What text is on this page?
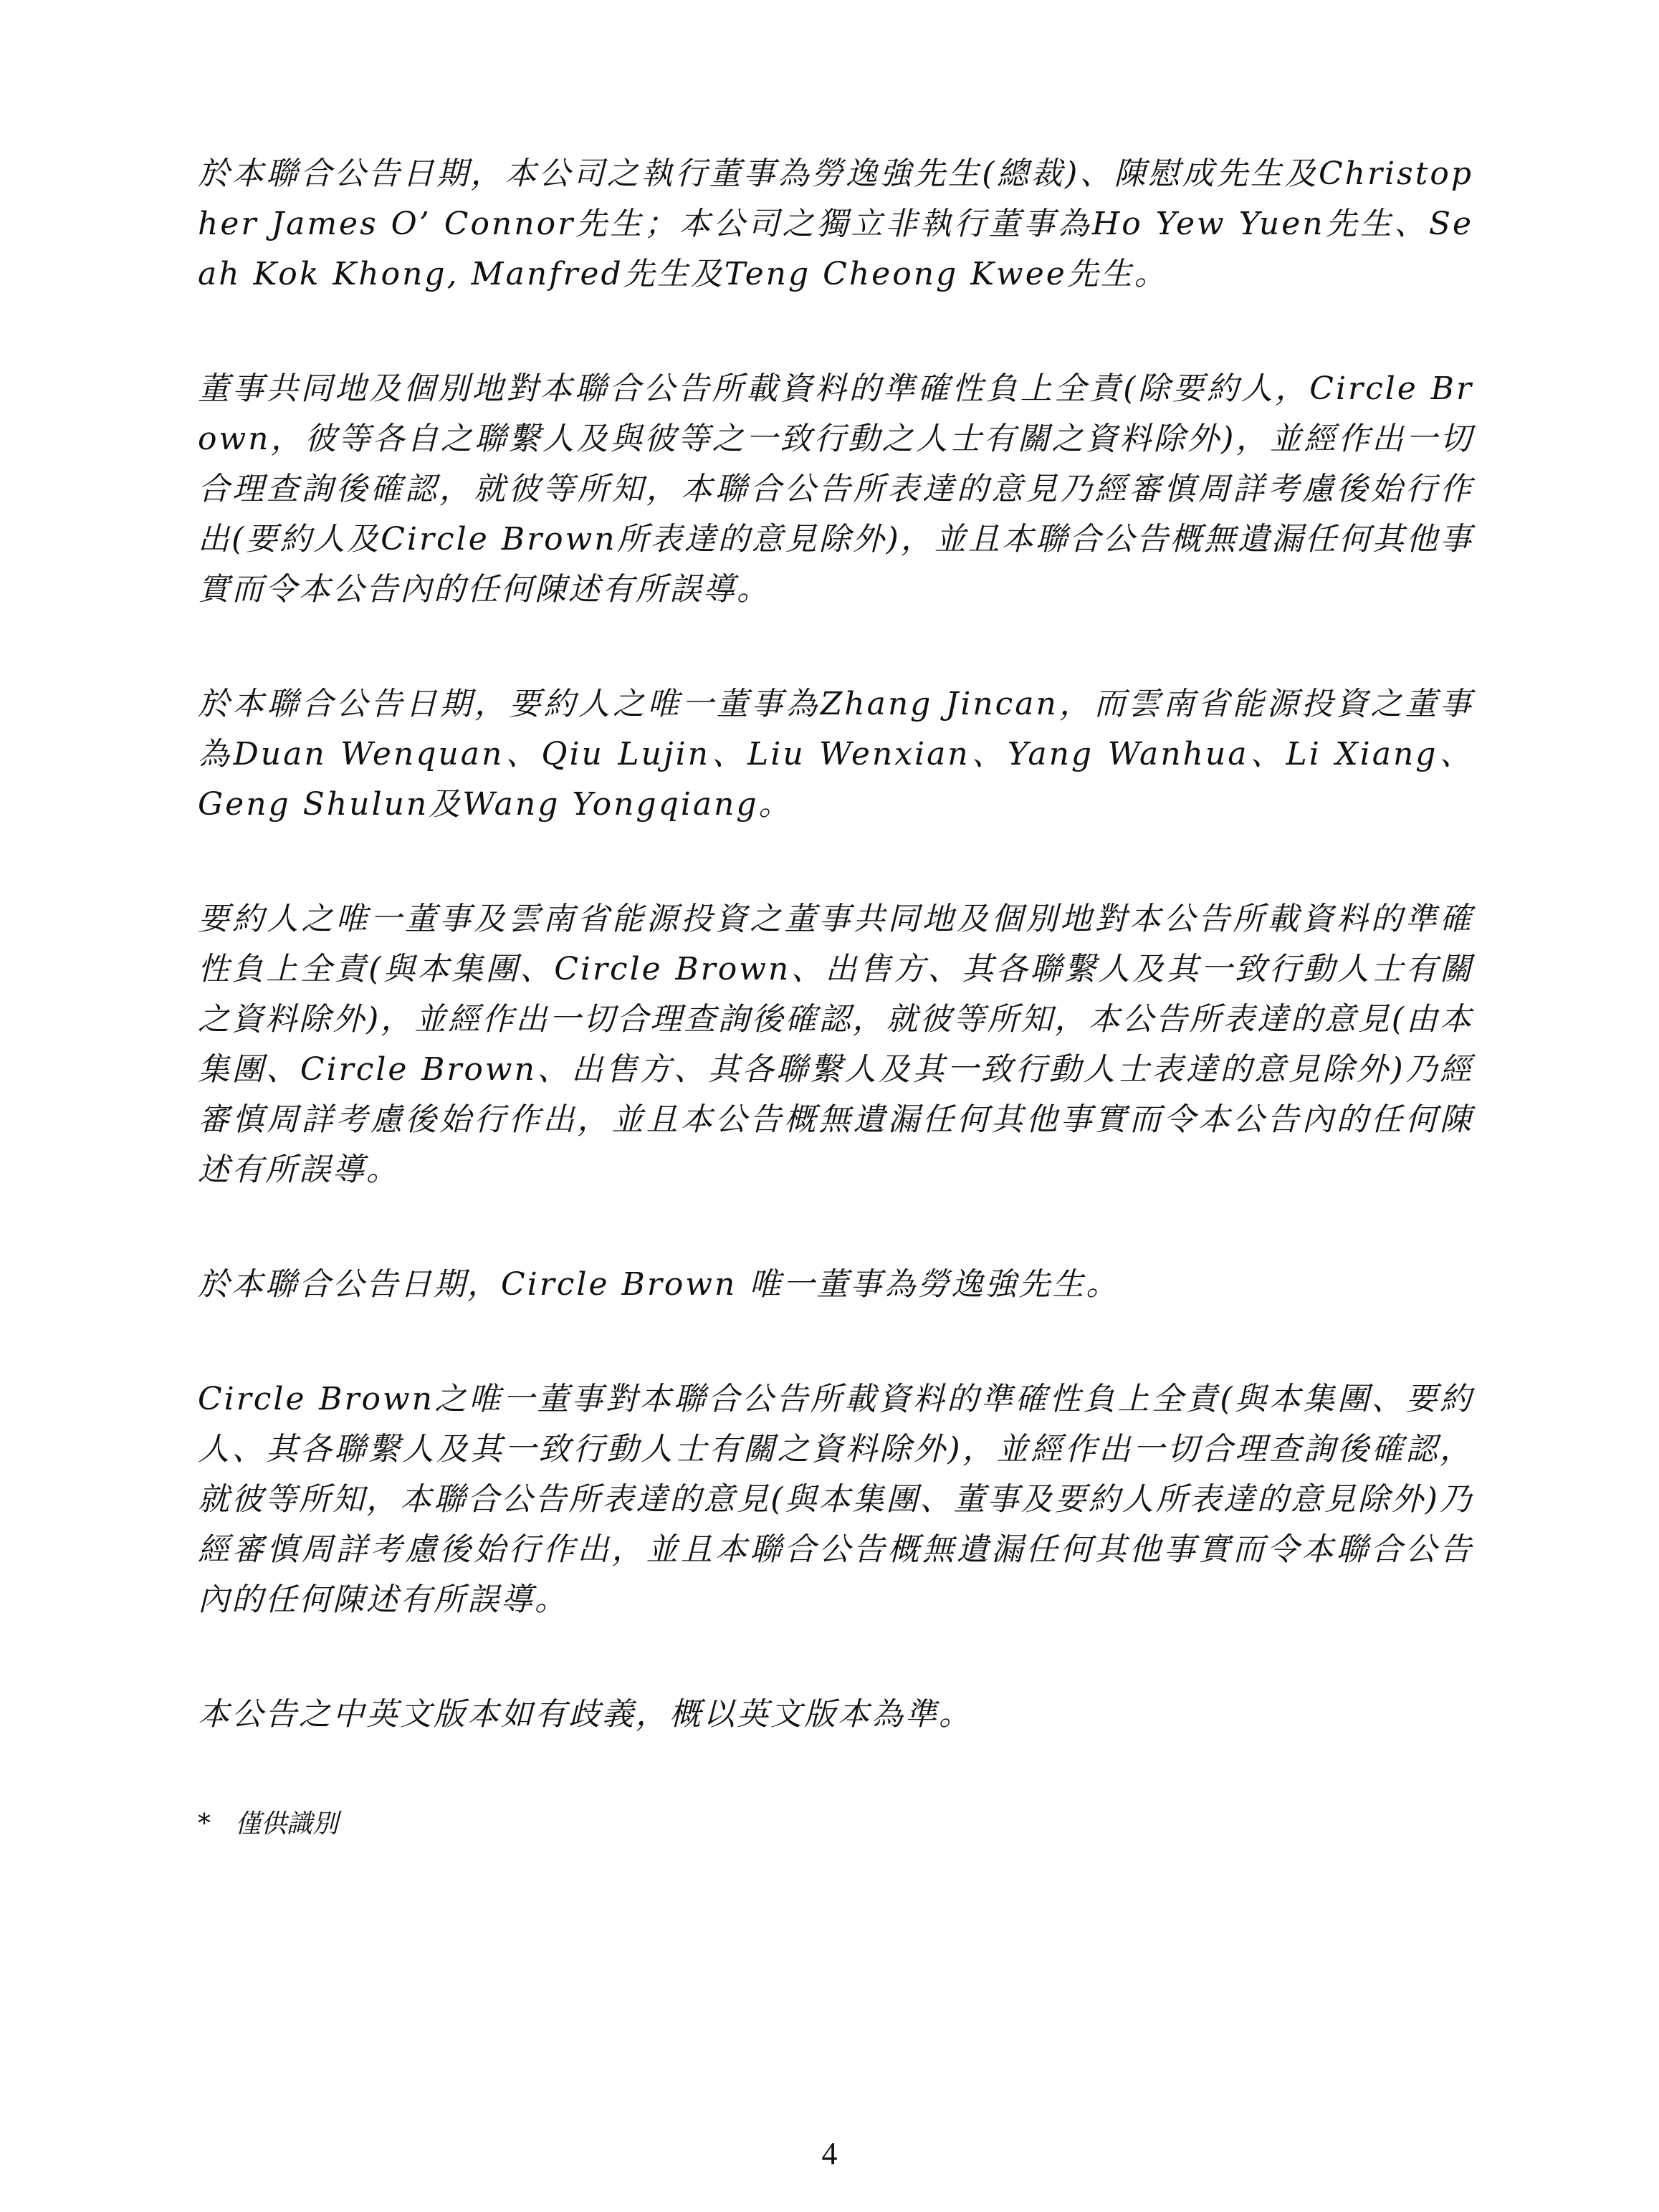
於本聯合公告日期，本公司之執行董事為勞逸強先生(總裁)、陳慰成先生及Christopher James O’ Connor先生；本公司之獨立非執行董事為Ho Yew Yuen先生、Seah Kok Khong, Manfred先生及Teng Cheong Kwee先生。

董事共同地及個別地對本聯合公告所載資料的準確性負上全責(除要約人，Circle Brown，彼等各自之聯繫人及與彼等之一致行動之人士有關之資料除外)，並經作出一切合理查詢後確認，就彼等所知，本聯合公告所表達的意見乃經審慎周詳考慮後始行作出(要約人及Circle Brown所表達的意見除外)，並且本聯合公告概無遺漏任何其他事實而令本公告內的任何陳述有所誤導。

於本聯合公告日期，要約人之唯一董事為Zhang Jincan，而雲南省能源投資之董事為Duan Wenquan、Qiu Lujin、Liu Wenxian、Yang Wanhua、Li Xiang、Geng Shulun及Wang Yongqiang。

要約人之唯一董事及雲南省能源投資之董事共同地及個別地對本公告所載資料的準確性負上全責(與本集團、Circle Brown、出售方、其各聯繫人及其一致行動人士有關之資料除外)，並經作出一切合理查詢後確認，就彼等所知，本公告所表達的意見(由本集團、Circle Brown、出售方、其各聯繫人及其一致行動人士表達的意見除外)乃經審慎周詳考慮後始行作出，並且本公告概無遺漏任何其他事實而令本公告內的任何陳述有所誤導。

於本聯合公告日期，Circle Brown 唯一董事為勞逸強先生。

Circle Brown之唯一董事對本聯合公告所載資料的準確性負上全責(與本集團、要約人、其各聯繫人及其一致行動人士有關之資料除外)，並經作出一切合理查詢後確認，就彼等所知，本聯合公告所表達的意見(與本集團、董事及要約人所表達的意見除外)乃經審慎周詳考慮後始行作出，並且本聯合公告概無遺漏任何其他事實而令本聯合公告內的任何陳述有所誤導。

本公告之中英文版本如有歧義，概以英文版本為準。

* 僅供識別
4
